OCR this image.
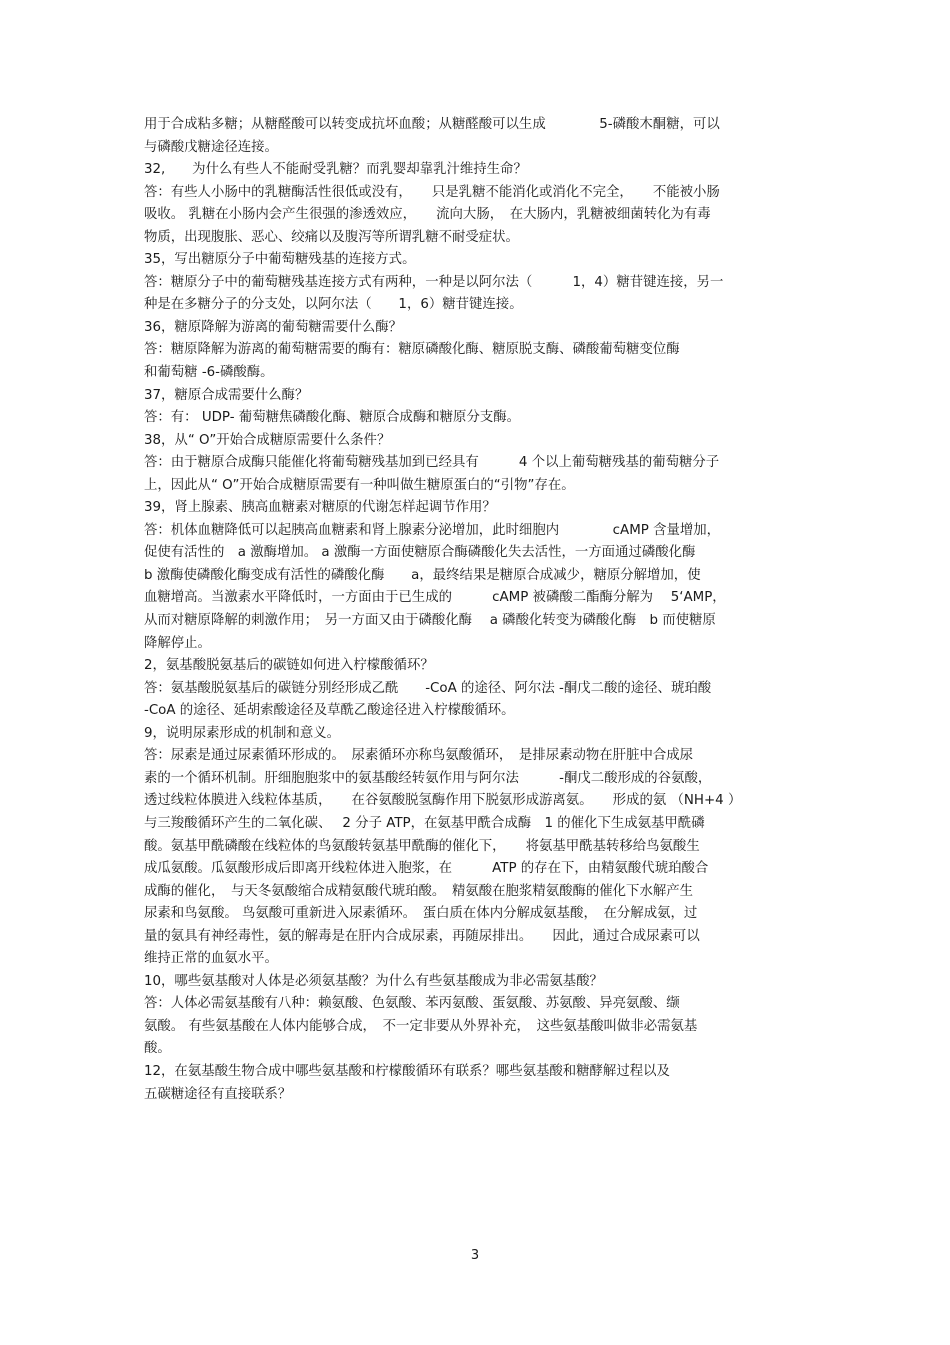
用于合成粘多糖；从糖醛酸可以转变成抗坏血酸；从糖醛酸可以生成　　　　5-磷酸木酮糖，可以
与磷酸戊糖途径连接。
32,　　为什么有些人不能耐受乳糖？而乳婴却靠乳汁维持生命？
答：有些人小肠中的乳糖酶活性很低或没有，　　只是乳糖不能消化或消化不完全，　　不能被小肠
吸收。 乳糖在小肠内会产生很强的渗透效应，　　流向大肠，　在大肠内，乳糖被细菌转化为有毒
物质，出现腹胀、恶心、绞痛以及腹泻等所谓乳糖不耐受症状。
35，写出糖原分子中葡萄糖残基的连接方式。
答：糖原分子中的葡萄糖残基连接方式有两种，一种是以阿尔法（　　　1，4）糖苷键连接，另一
种是在多糖分子的分支处，以阿尔法（　　1，6）糖苷键连接。
36，糖原降解为游离的葡萄糖需要什么酶？
答：糖原降解为游离的葡萄糖需要的酶有：糖原磷酸化酶、糖原脱支酶、磷酸葡萄糖变位酶
和葡萄糖 -6-磷酸酶。
37，糖原合成需要什么酶？
答：有： UDP- 葡萄糖焦磷酸化酶、糖原合成酶和糖原分支酶。
38，从“ O”开始合成糖原需要什么条件？
答：由于糖原合成酶只能催化将葡萄糖残基加到已经具有　　　4 个以上葡萄糖残基的葡萄糖分子
上，因此从“ O”开始合成糖原需要有一种叫做生糖原蛋白的“引物”存在。
39，肾上腺素、胰高血糖素对糖原的代谢怎样起调节作用？
答：机体血糖降低可以起胰高血糖素和肾上腺素分泌增加，此时细胞内　　　　cAMP 含量增加，
促使有活性的　a 激酶增加。 a 激酶一方面使糖原合酶磷酸化失去活性，一方面通过磷酸化酶
b 激酶使磷酸化酶变成有活性的磷酸化酶　　a，最终结果是糖原合成减少，糖原分解增加，使
血糖增高。当激素水平降低时，一方面由于已生成的　　　cAMP 被磷酸二酯酶分解为　 5‘AMP，
从而对糖原降解的刺激作用；　另一方面又由于磷酸化酶　 a 磷酸化转变为磷酸化酶　b 而使糖原
降解停止。
2，氨基酸脱氨基后的碳链如何进入柠檬酸循环？
答：氨基酸脱氨基后的碳链分别经形成乙酰　　-CoA 的途径、阿尔法 -酮戊二酸的途径、琥珀酸
-CoA 的途径、延胡索酸途径及草酰乙酸途径进入柠檬酸循环。
9，说明尿素形成的机制和意义。
答：尿素是通过尿素循环形成的。　尿素循环亦称鸟氨酸循环，　是排尿素动物在肝脏中合成尿
素的一个循环机制。肝细胞胞浆中的氨基酸经转氨作用与阿尔法　　　-酮戊二酸形成的谷氨酸，
透过线粒体膜进入线粒体基质，　　在谷氨酸脱氢酶作用下脱氨形成游离氨。　　形成的氨 （NH+4 ）
与三羧酸循环产生的二氧化碳、　 2 分子 ATP，在氨基甲酰合成酶　1 的催化下生成氨基甲酰磷
酸。氨基甲酰磷酸在线粒体的鸟氨酸转氨基甲酰酶的催化下，　　将氨基甲酰基转移给鸟氨酸生
成瓜氨酸。瓜氨酸形成后即离开线粒体进入胞浆，在　　　ATP 的存在下，由精氨酸代琥珀酸合
成酶的催化，　与天冬氨酸缩合成精氨酸代琥珀酸。　精氨酸在胞浆精氨酸酶的催化下水解产生
尿素和鸟氨酸。 鸟氨酸可重新进入尿素循环。　蛋白质在体内分解成氨基酸，　在分解成氨，过
量的氨具有神经毒性，氨的解毒是在肝内合成尿素，再随尿排出。　　因此，通过合成尿素可以
维持正常的血氨水平。
10，哪些氨基酸对人体是必须氨基酸？为什么有些氨基酸成为非必需氨基酸？
答：人体必需氨基酸有八种：赖氨酸、色氨酸、苯丙氨酸、蛋氨酸、苏氨酸、异亮氨酸、缬
氨酸。 有些氨基酸在人体内能够合成，　不一定非要从外界补充，　这些氨基酸叫做非必需氨基
酸。
12，在氨基酸生物合成中哪些氨基酸和柠檬酸循环有联系？哪些氨基酸和糖酵解过程以及
五碳糖途径有直接联系？
3
